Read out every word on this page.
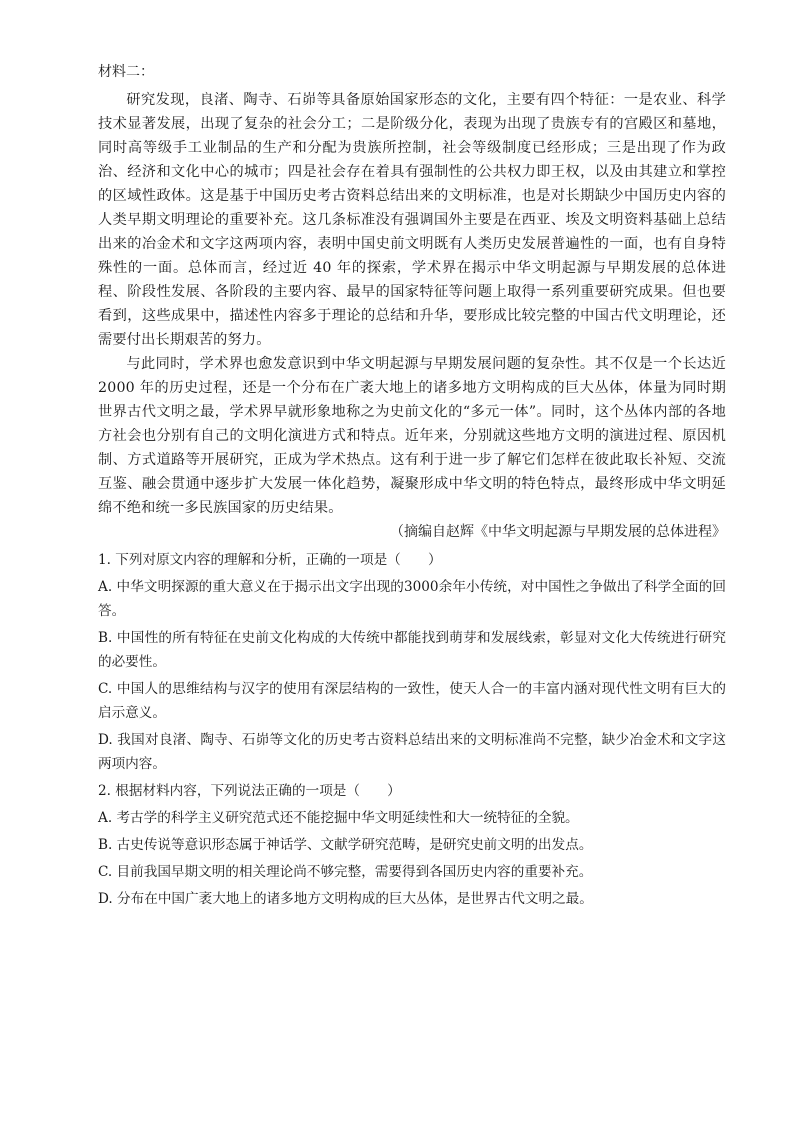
材料二：

研究发现，良渚、陶寺、石峁等具备原始国家形态的文化，主要有四个特征：一是农业、科学技术显著发展，出现了复杂的社会分工；二是阶级分化，表现为出现了贵族专有的宫殿区和墓地，同时高等级手工业制品的生产和分配为贵族所控制，社会等级制度已经形成；三是出现了作为政治、经济和文化中心的城市；四是社会存在着具有强制性的公共权力即王权，以及由其建立和掌控的区域性政体。这是基于中国历史考古资料总结出来的文明标准，也是对长期缺少中国历史内容的人类早期文明理论的重要补充。这几条标准没有强调国外主要是在西亚、埃及文明资料基础上总结出来的冶金术和文字这两项内容，表明中国史前文明既有人类历史发展普遍性的一面，也有自身特殊性的一面。总体而言，经过近 40 年的探索，学术界在揭示中华文明起源与早期发展的总体进程、阶段性发展、各阶段的主要内容、最早的国家特征等问题上取得一系列重要研究成果。但也要看到，这些成果中，描述性内容多于理论的总结和升华，要形成比较完整的中国古代文明理论，还需要付出长期艰苦的努力。

与此同时，学术界也愈发意识到中华文明起源与早期发展问题的复杂性。其不仅是一个长达近 2000 年的历史过程，还是一个分布在广袤大地上的诸多地方文明构成的巨大丛体，体量为同时期世界古代文明之最，学术界早就形象地称之为史前文化的“多元一体”。同时，这个丛体内部的各地方社会也分别有自己的文明化演进方式和特点。近年来，分别就这些地方文明的演进过程、原因机制、方式道路等开展研究，正成为学术热点。这有利于进一步了解它们怎样在彼此取长补短、交流互鉴、融会贯通中逐步扩大发展一体化趋势，凝聚形成中华文明的特色特点，最终形成中华文明延绵不绝和统一多民族国家的历史结果。

（摘编自赵辉《中华文明起源与早期发展的总体进程》

1. 下列对原文内容的理解和分析，正确的一项是（　　）

A. 中华文明探源的重大意义在于揭示出文字出现的3000余年小传统，对中国性之争做出了科学全面的回答。

B. 中国性的所有特征在史前文化构成的大传统中都能找到萌芽和发展线索，彰显对文化大传统进行研究的必要性。

C. 中国人的思维结构与汉字的使用有深层结构的一致性，使天人合一的丰富内涵对现代性文明有巨大的启示意义。

D. 我国对良渚、陶寺、石峁等文化的历史考古资料总结出来的文明标准尚不完整，缺少冶金术和文字这两项内容。

2. 根据材料内容，下列说法正确的一项是（　　）

A. 考古学的科学主义研究范式还不能挖掘中华文明延续性和大一统特征的全貌。

B. 古史传说等意识形态属于神话学、文献学研究范畴，是研究史前文明的出发点。

C. 目前我国早期文明的相关理论尚不够完整，需要得到各国历史内容的重要补充。

D. 分布在中国广袤大地上的诸多地方文明构成的巨大丛体，是世界古代文明之最。
